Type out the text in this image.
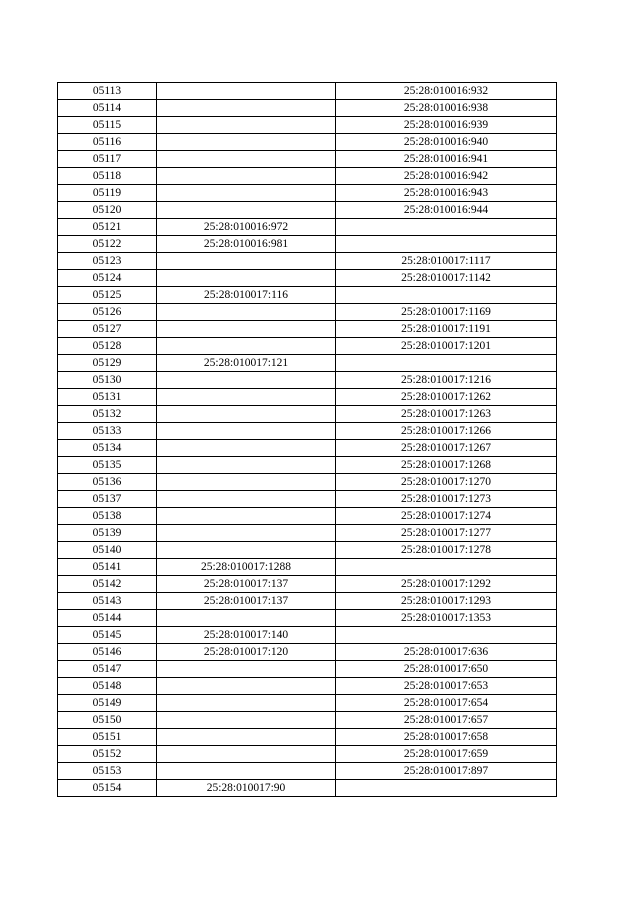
05113		25:28:010016:932
05114		25:28:010016:938
05115		25:28:010016:939
05116		25:28:010016:940
05117		25:28:010016:941
05118		25:28:010016:942
05119		25:28:010016:943
05120		25:28:010016:944
05121	25:28:010016:972	
05122	25:28:010016:981	
05123		25:28:010017:1117
05124		25:28:010017:1142
05125	25:28:010017:116	
05126		25:28:010017:1169
05127		25:28:010017:1191
05128		25:28:010017:1201
05129	25:28:010017:121	
05130		25:28:010017:1216
05131		25:28:010017:1262
05132		25:28:010017:1263
05133		25:28:010017:1266
05134		25:28:010017:1267
05135		25:28:010017:1268
05136		25:28:010017:1270
05137		25:28:010017:1273
05138		25:28:010017:1274
05139		25:28:010017:1277
05140		25:28:010017:1278
05141	25:28:010017:1288	
05142	25:28:010017:137	25:28:010017:1292
05143	25:28:010017:137	25:28:010017:1293
05144		25:28:010017:1353
05145	25:28:010017:140	
05146	25:28:010017:120	25:28:010017:636
05147		25:28:010017:650
05148		25:28:010017:653
05149		25:28:010017:654
05150		25:28:010017:657
05151		25:28:010017:658
05152		25:28:010017:659
05153		25:28:010017:897
05154	25:28:010017:90	
